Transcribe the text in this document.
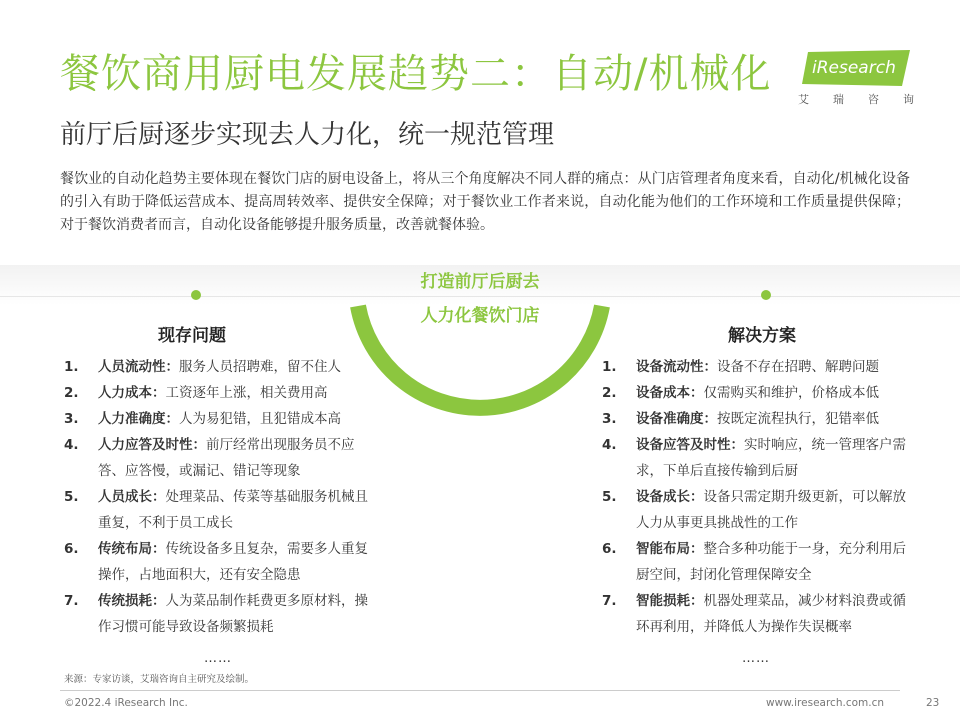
餐饮商用厨电发展趋势二：自动/机械化 iResearch
艾 瑞 咨 询
前厅后厨逐步实现去人力化，统一规范管理
餐饮业的自动化趋势主要体现在餐饮门店的厨电设备上，将从三个角度解决不同人群的痛点：从门店管理者角度来看，自动化/机械化设备的引入有助于降低运营成本、提高周转效率、提供安全保障；对于餐饮业工作者来说，自动化能为他们的工作环境和工作质量提供保障；对于餐饮消费者而言，自动化设备能够提升服务质量，改善就餐体验。
打造前厅后厨去
人力化餐饮门店
现存问题	解决方案
1.	人员流动性：服务人员招聘难，留不住人
2.	人力成本：工资逐年上涨，相关费用高
3.	人力准确度：人为易犯错，且犯错成本高
4.	人力应答及时性：前厅经常出现服务员不应答、应答慢，或漏记、错记等现象
5.	人员成长：处理菜品、传菜等基础服务机械且重复，不利于员工成长
6.	传统布局：传统设备多且复杂，需要多人重复操作，占地面积大，还有安全隐患
7.	传统损耗：人为菜品制作耗费更多原材料，操作习惯可能导致设备频繁损耗
……
1.	设备流动性：设备不存在招聘、解聘问题
2.	设备成本：仅需购买和维护，价格成本低
3.	设备准确度：按既定流程执行，犯错率低
4.	设备应答及时性：实时响应，统一管理客户需求，下单后直接传输到后厨
5.	设备成长：设备只需定期升级更新，可以解放人力从事更具挑战性的工作
6.	智能布局：整合多种功能于一身，充分利用后厨空间，封闭化管理保障安全
7.	智能损耗：机器处理菜品，减少材料浪费或循环再利用，并降低人为操作失误概率
……
来源：专家访谈，艾瑞咨询自主研究及绘制。
©2022.4 iResearch Inc.	www.iresearch.com.cn	23
